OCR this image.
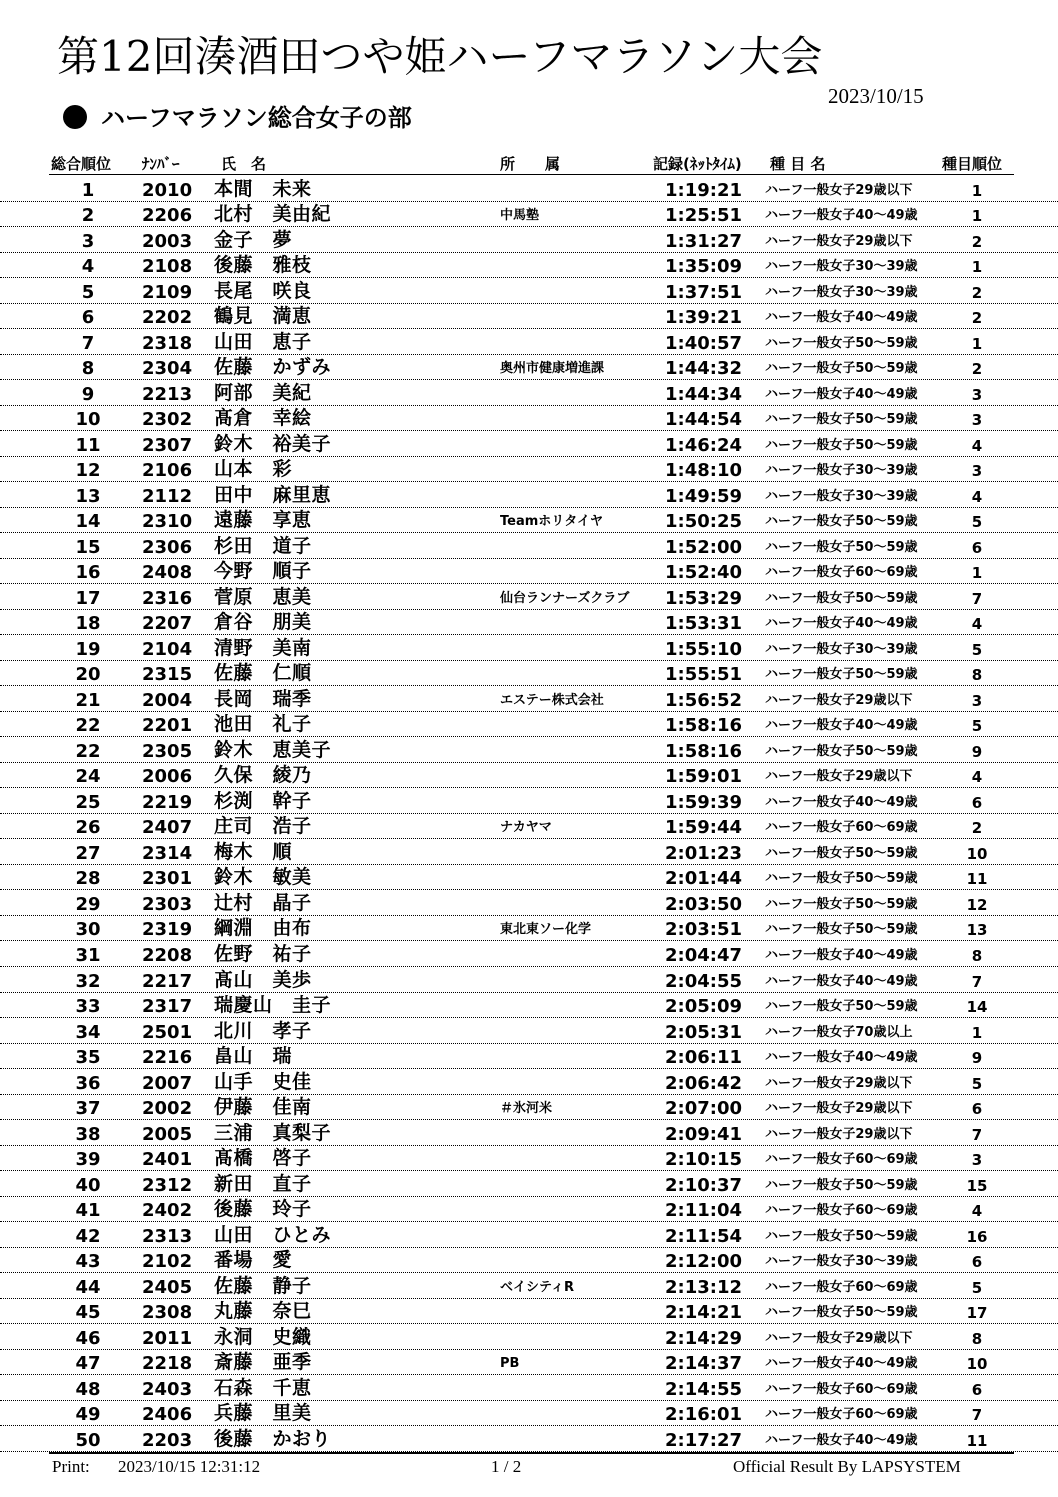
第12回湊酒田つや姫ハーフマラソン大会
2023/10/15
ハーフマラソン総合女子の部
総合順位 ﾅﾝﾊﾞｰ	氏　名	所　　属	記録(ﾈｯﾄﾀｲﾑ) 種 目 名	種目順位
1	2010 本間　未来	1:19:21 ハーフ一般女子29歳以下	1
2	2206 北村　美由紀	中馬塾	1:25:51 ハーフ一般女子40～49歳	1
3	2003 金子　夢	1:31:27 ハーフ一般女子29歳以下	2
4	2108 後藤　雅枝	1:35:09 ハーフ一般女子30～39歳	1
5	2109 長尾　咲良	1:37:51 ハーフ一般女子30～39歳	2
6	2202 鶴見　満恵	1:39:21 ハーフ一般女子40～49歳	2
7	2318 山田　恵子	1:40:57 ハーフ一般女子50～59歳	1
8	2304 佐藤　かずみ	奥州市健康増進課	1:44:32 ハーフ一般女子50～59歳	2
9	2213 阿部　美紀	1:44:34 ハーフ一般女子40～49歳	3
10	2302 髙倉　幸絵	1:44:54 ハーフ一般女子50～59歳	3
11	2307 鈴木　裕美子	1:46:24 ハーフ一般女子50～59歳	4
12	2106 山本　彩	1:48:10 ハーフ一般女子30～39歳	3
13	2112 田中　麻里恵	1:49:59 ハーフ一般女子30～39歳	4
14	2310 遠藤　享恵	Teamホリタイヤ	1:50:25 ハーフ一般女子50～59歳	5
15	2306 杉田　道子	1:52:00 ハーフ一般女子50～59歳	6
16	2408 今野　順子	1:52:40 ハーフ一般女子60～69歳	1
17	2316 菅原　恵美	仙台ランナーズクラブ	1:53:29 ハーフ一般女子50～59歳	7
18	2207 倉谷　朋美	1:53:31 ハーフ一般女子40～49歳	4
19	2104 清野　美南	1:55:10 ハーフ一般女子30～39歳	5
20	2315 佐藤　仁順	1:55:51 ハーフ一般女子50～59歳	8
21	2004 長岡　瑞季	エステー株式会社	1:56:52 ハーフ一般女子29歳以下	3
22	2201 池田　礼子	1:58:16 ハーフ一般女子40～49歳	5
22	2305 鈴木　恵美子	1:58:16 ハーフ一般女子50～59歳	9
24	2006 久保　綾乃	1:59:01 ハーフ一般女子29歳以下	4
25	2219 杉渕　幹子	1:59:39 ハーフ一般女子40～49歳	6
26	2407 庄司　浩子	ナカヤマ	1:59:44 ハーフ一般女子60～69歳	2
27	2314 梅木　順	2:01:23 ハーフ一般女子50～59歳	10
28	2301 鈴木　敏美	2:01:44 ハーフ一般女子50～59歳	11
29	2303 辻村　晶子	2:03:50 ハーフ一般女子50～59歳	12
30	2319 綱淵　由布	東北東ソー化学	2:03:51 ハーフ一般女子50～59歳	13
31	2208 佐野　祐子	2:04:47 ハーフ一般女子40～49歳	8
32	2217 髙山　美歩	2:04:55 ハーフ一般女子40～49歳	7
33	2317 瑞慶山　圭子	2:05:09 ハーフ一般女子50～59歳	14
34	2501 北川　孝子	2:05:31 ハーフ一般女子70歳以上	1
35	2216 畠山　瑞	2:06:11 ハーフ一般女子40～49歳	9
36	2007 山手　史佳	2:06:42 ハーフ一般女子29歳以下	5
37	2002 伊藤　佳南	＃氷河米	2:07:00 ハーフ一般女子29歳以下	6
38	2005 三浦　真梨子	2:09:41 ハーフ一般女子29歳以下	7
39	2401 髙橋　啓子	2:10:15 ハーフ一般女子60～69歳	3
40	2312 新田　直子	2:10:37 ハーフ一般女子50～59歳	15
41	2402 後藤　玲子	2:11:04 ハーフ一般女子60～69歳	4
42	2313 山田　ひとみ	2:11:54 ハーフ一般女子50～59歳	16
43	2102 番場　愛	2:12:00 ハーフ一般女子30～39歳	6
44	2405 佐藤　静子	ベイシティR	2:13:12 ハーフ一般女子60～69歳	5
45	2308 丸藤　奈巳	2:14:21 ハーフ一般女子50～59歳	17
46	2011 永洞　史織	2:14:29 ハーフ一般女子29歳以下	8
47	2218 斎藤　亜季	PB	2:14:37 ハーフ一般女子40～49歳	10
48	2403 石森　千恵	2:14:55 ハーフ一般女子60～69歳	6
49	2406 兵藤　里美	2:16:01 ハーフ一般女子60～69歳	7
50	2203 後藤　かおり	2:17:27 ハーフ一般女子40～49歳	11
Print: 2023/10/15 12:31:12	1 / 2	Official Result By LAPSYSTEM
